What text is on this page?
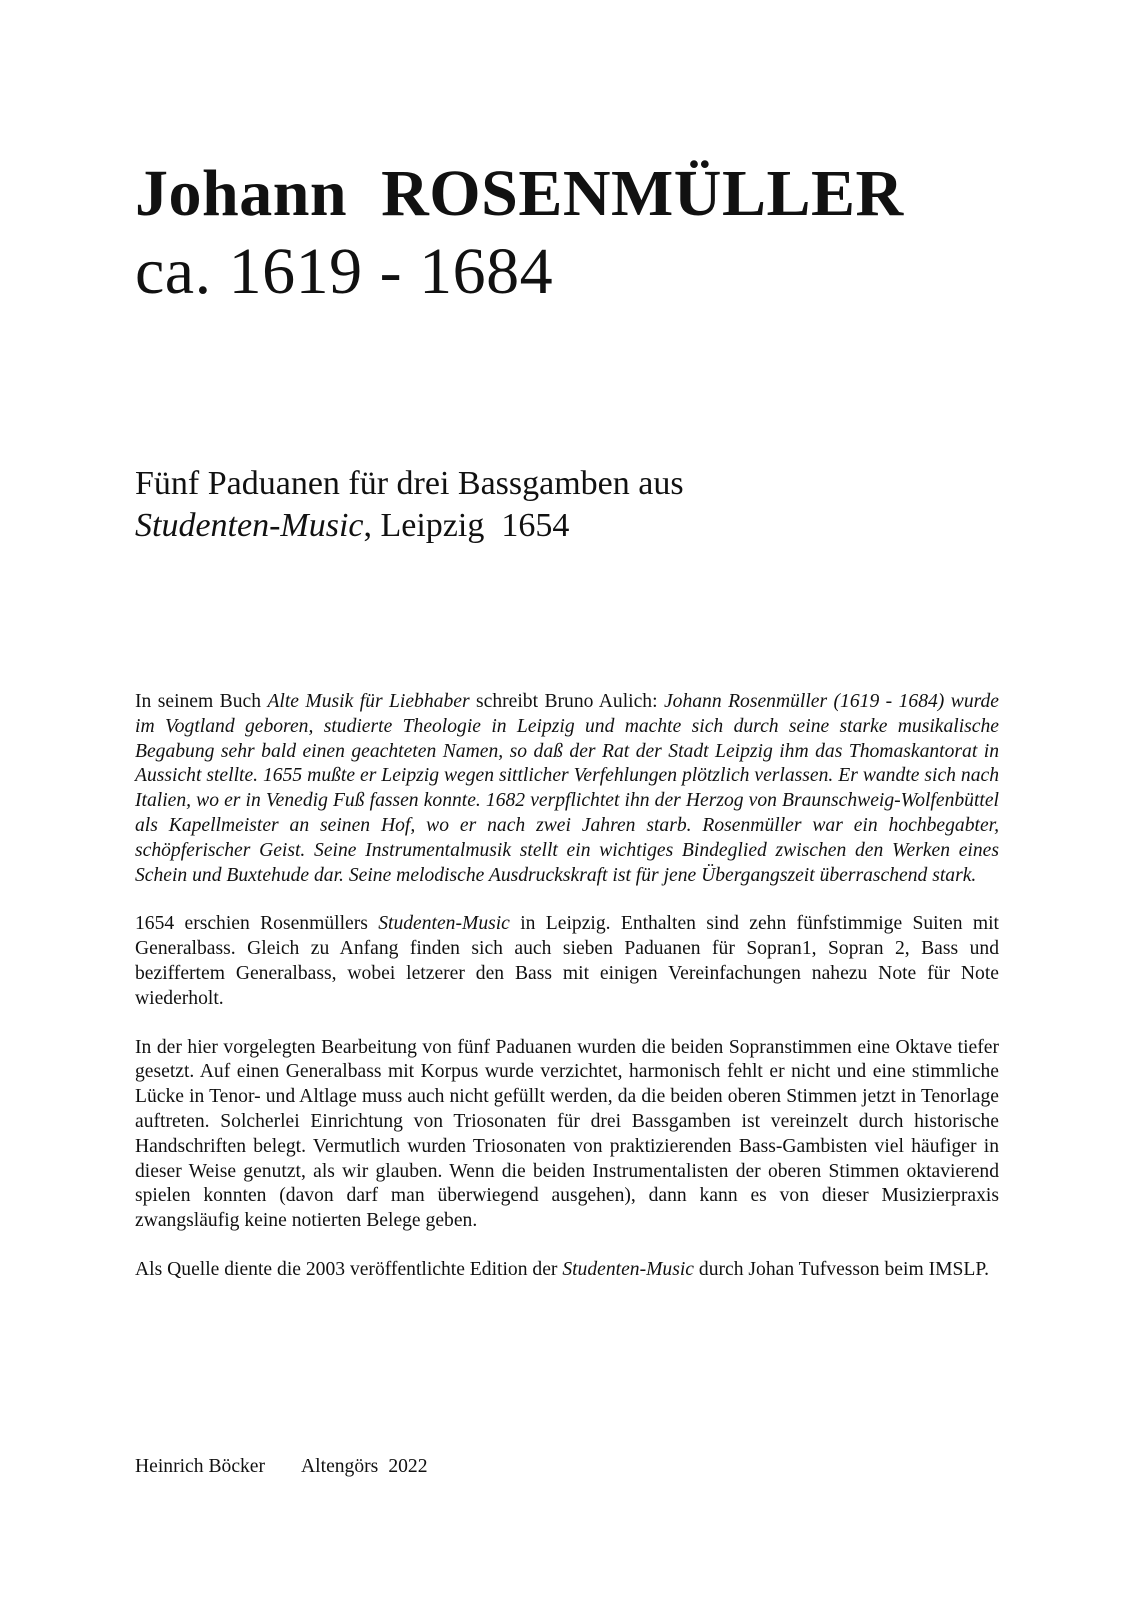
Johann ROSENMÜLLER
ca. 1619 - 1684
Fünf Paduanen für drei Bassgamben aus
Studenten-Music, Leipzig  1654

In seinem Buch Alte Musik für Liebhaber schreibt Bruno Aulich: Johann Rosenmüller (1619 - 1684) wurde im Vogtland geboren, studierte Theologie in Leipzig und machte sich durch seine starke musikalische Begabung sehr bald einen geachteten Namen, so daß der Rat der Stadt Leipzig ihm das Thomaskantorat in Aussicht stellte. 1655 mußte er Leipzig wegen sittlicher Verfehlungen plötzlich verlassen. Er wandte sich nach Italien, wo er in Venedig Fuß fassen konnte. 1682 verpflichtet ihn der Herzog von Braunschweig-Wolfenbüttel als Kapellmeister an seinen Hof, wo er nach zwei Jahren starb. Rosenmüller war ein hochbegabter, schöpferischer Geist. Seine Instrumentalmusik stellt ein wichtiges Bindeglied zwischen den Werken eines Schein und Buxtehude dar. Seine melodische Ausdruckskraft ist für jene Übergangszeit überraschend stark.

1654 erschien Rosenmüllers Studenten-Music in Leipzig. Enthalten sind zehn fünfstimmige Suiten mit Generalbass. Gleich zu Anfang finden sich auch sieben Paduanen für Sopran1, Sopran 2, Bass und beziffertem Generalbass, wobei letzerer den Bass mit einigen Vereinfachungen nahezu Note für Note wiederholt.

In der hier vorgelegten Bearbeitung von fünf Paduanen wurden die beiden Sopranstimmen eine Oktave tiefer gesetzt. Auf einen Generalbass mit Korpus wurde verzichtet, harmonisch fehlt er nicht und eine stimmliche Lücke in Tenor- und Altlage muss auch nicht gefüllt werden, da die beiden oberen Stimmen jetzt in Tenorlage auftreten. Solcherlei Einrichtung von Triosonaten für drei Bassgamben ist vereinzelt durch historische Handschriften belegt. Vermutlich wurden Triosonaten von praktizierenden Bass-Gambisten viel häufiger in dieser Weise genutzt, als wir glauben. Wenn die beiden Instrumentalisten der oberen Stimmen oktavierend spielen konnten (davon darf man überwiegend ausgehen), dann kann es von dieser Musizierpraxis zwangsläufig keine notierten Belege geben.

Als Quelle diente die 2003 veröffentlichte Edition der Studenten-Music durch Johan Tufvesson beim IMSLP.

Heinrich Böcker Altengörs 2022
